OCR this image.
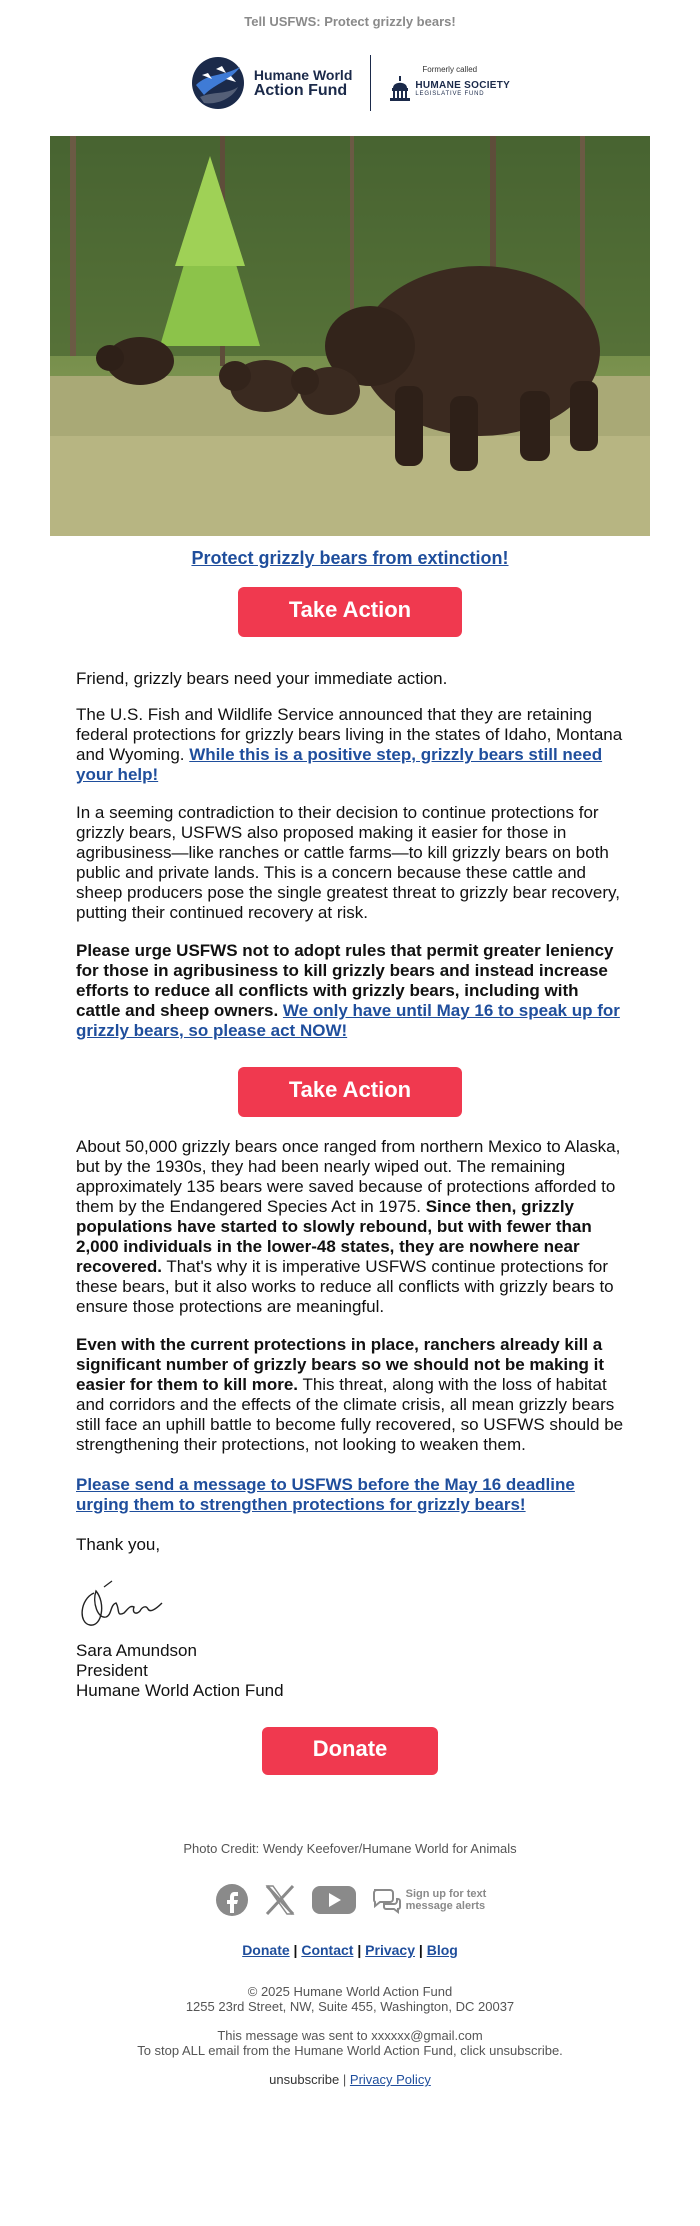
Tell USFWS: Protect grizzly bears!
Humane World
Action Fund
Formerly called
HUMANE SOCIETY
LEGISLATIVE FUND
Protect grizzly bears from extinction!
Take Action

Friend, grizzly bears need your immediate action.

The U.S. Fish and Wildlife Service announced that they are retaining federal protections for grizzly bears living in the states of Idaho, Montana and Wyoming. While this is a positive step, grizzly bears still need your help!

In a seeming contradiction to their decision to continue protections for grizzly bears, USFWS also proposed making it easier for those in agribusiness—like ranches or cattle farms—to kill grizzly bears on both public and private lands. This is a concern because these cattle and sheep producers pose the single greatest threat to grizzly bear recovery, putting their continued recovery at risk.

Please urge USFWS not to adopt rules that permit greater leniency for those in agribusiness to kill grizzly bears and instead increase efforts to reduce all conflicts with grizzly bears, including with cattle and sheep owners. We only have until May 16 to speak up for grizzly bears, so please act NOW!

Take Action

About 50,000 grizzly bears once ranged from northern Mexico to Alaska, but by the 1930s, they had been nearly wiped out. The remaining approximately 135 bears were saved because of protections afforded to them by the Endangered Species Act in 1975. Since then, grizzly populations have started to slowly rebound, but with fewer than 2,000 individuals in the lower-48 states, they are nowhere near recovered. That's why it is imperative USFWS continue protections for these bears, but it also works to reduce all conflicts with grizzly bears to ensure those protections are meaningful.

Even with the current protections in place, ranchers already kill a significant number of grizzly bears so we should not be making it easier for them to kill more. This threat, along with the loss of habitat and corridors and the effects of the climate crisis, all mean grizzly bears still face an uphill battle to become fully recovered, so USFWS should be strengthening their protections, not looking to weaken them.

Please send a message to USFWS before the May 16 deadline urging them to strengthen protections for grizzly bears!

Thank you,

Sara Amundson

President

Humane World Action Fund

Donate
Photo Credit: Wendy Keefover/Humane World for Animals
Sign up for text
message alerts
Donate | Contact | Privacy | Blog
© 2025 Humane World Action Fund
1255 23rd Street, NW, Suite 455, Washington, DC 20037
This message was sent to xxxxxx@gmail.com
To stop ALL email from the Humane World Action Fund, click unsubscribe.
unsubscribe | Privacy Policy
